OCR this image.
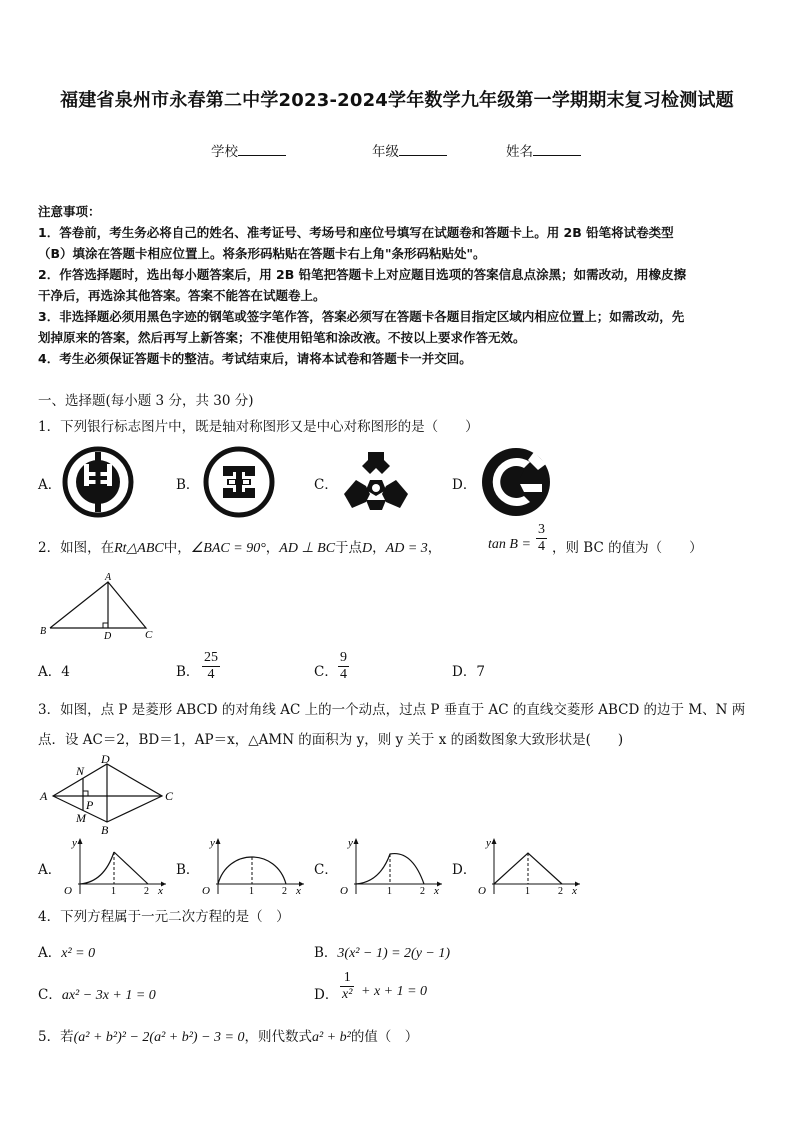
福建省泉州市永春第二中学2023-2024学年数学九年级第一学期期末复习检测试题
学校	年级	姓名
注意事项：
1．答卷前，考生务必将自己的姓名、准考证号、考场号和座位号填写在试题卷和答题卡上。用 2B 铅笔将试卷类型
（B）填涂在答题卡相应位置上。将条形码粘贴在答题卡右上角"条形码粘贴处"。
2．作答选择题时，选出每小题答案后，用 2B 铅笔把答题卡上对应题目选项的答案信息点涂黑；如需改动，用橡皮擦
干净后，再选涂其他答案。答案不能答在试题卷上。
3．非选择题必须用黑色字迹的钢笔或签字笔作答，答案必须写在答题卡各题目指定区域内相应位置上；如需改动，先
划掉原来的答案，然后再写上新答案；不准使用铅笔和涂改液。不按以上要求作答无效。
4．考生必须保证答题卡的整洁。考试结束后，请将本试卷和答题卡一并交回。
一、选择题(每小题 3 分，共 30 分)
1．下列银行标志图片中，既是轴对称图形又是中心对称图形的是（　　）
A．	B．	C．	D．
2．如图，在Rt△ABC中，∠BAC = 90°，AD ⊥ BC于点D，AD = 3，	$\tan B = \frac{3}{4}$ ，则 BC 的值为（　　）
A
B	D	C
A．4	B． $\frac{25}{4}$	C． $\frac{9}{4}$	D．7
3．如图，点 P 是菱形 ABCD 的对角线 AC 上的一个动点，过点 P 垂直于 AC 的直线交菱形 ABCD 的边于 M、N 两
点．设 AC＝2，BD＝1，AP＝x，△AMN 的面积为 y，则 y 关于 x 的函数图象大致形状是(　　)
A
D
C
B
N
M
P
A．	B．	C．	D．
y
O	1	2 x
y
O	1	2 x
y
O	1	2 x
y
O	1	2 x
4．下列方程属于一元二次方程的是（　）
A．x² = 0	B．3(x² − 1) = 2(y − 1)
C．ax² − 3x + 1 = 0	D． $\frac{1}{\text{x²}} + x + 1 = 0$
5．若(a² + b²)² − 2(a² + b²) − 3 = 0，则代数式a² + b²的值（　）
